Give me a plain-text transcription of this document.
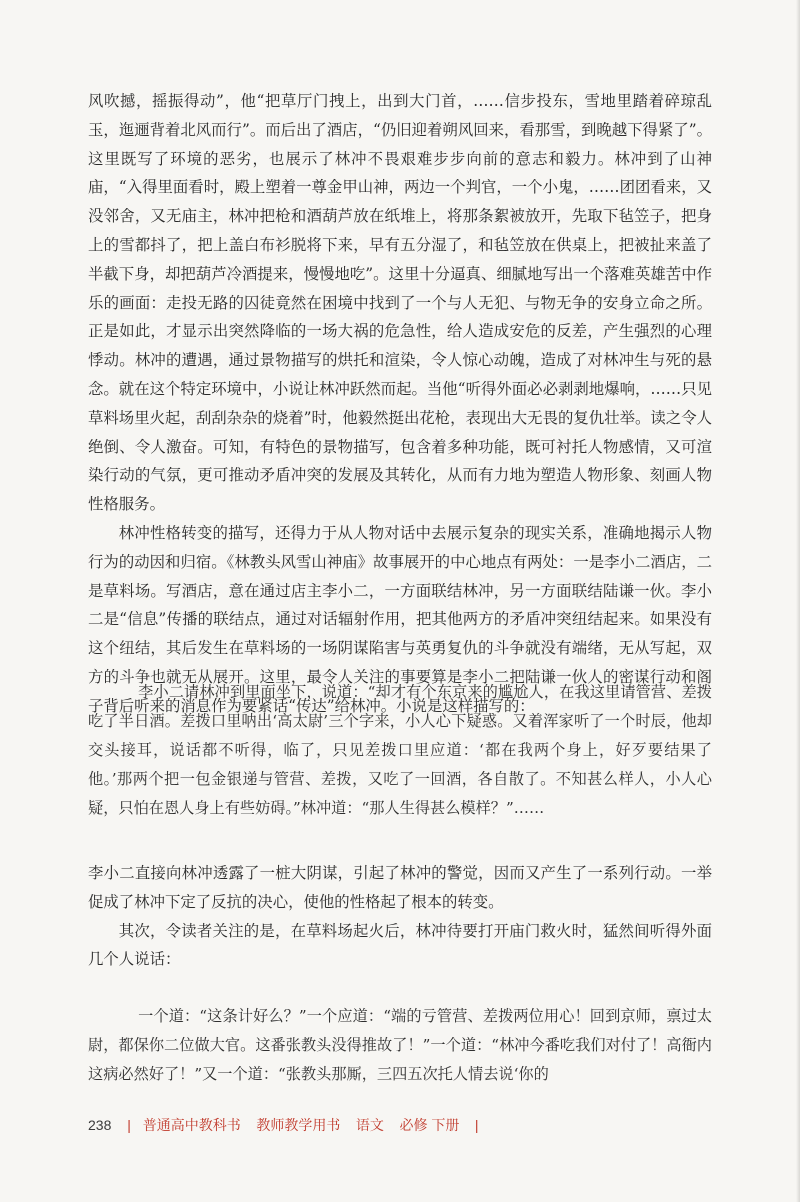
风吹撼，摇振得动”，他“把草厅门拽上，出到大门首，……信步投东，雪地里踏着碎琼乱玉，迤逦背着北风而行”。而后出了酒店，“仍旧迎着朔风回来，看那雪，到晚越下得紧了”。这里既写了环境的恶劣，也展示了林冲不畏艰难步步向前的意志和毅力。林冲到了山神庙，“入得里面看时，殿上塑着一尊金甲山神，两边一个判官，一个小鬼，……团团看来，又没邻舍，又无庙主，林冲把枪和酒葫芦放在纸堆上，将那条絮被放开，先取下毡笠子，把身上的雪都抖了，把上盖白布衫脱将下来，早有五分湿了，和毡笠放在供桌上，把被扯来盖了半截下身，却把葫芦冷酒提来，慢慢地吃”。这里十分逼真、细腻地写出一个落难英雄苦中作乐的画面：走投无路的囚徒竟然在困境中找到了一个与人无犯、与物无争的安身立命之所。正是如此，才显示出突然降临的一场大祸的危急性，给人造成安危的反差，产生强烈的心理悸动。林冲的遭遇，通过景物描写的烘托和渲染，令人惊心动魄，造成了对林冲生与死的悬念。就在这个特定环境中，小说让林冲跃然而起。当他“听得外面必必剥剥地爆响，……只见草料场里火起，刮刮杂杂的烧着”时，他毅然挺出花枪，表现出大无畏的复仇壮举。读之令人绝倒、令人激奋。可知，有特色的景物描写，包含着多种功能，既可衬托人物感情，又可渲染行动的气氛，更可推动矛盾冲突的发展及其转化，从而有力地为塑造人物形象、刻画人物性格服务。

林冲性格转变的描写，还得力于从人物对话中去展示复杂的现实关系，准确地揭示人物行为的动因和归宿。《林教头风雪山神庙》故事展开的中心地点有两处：一是李小二酒店，二是草料场。写酒店，意在通过店主李小二，一方面联结林冲，另一方面联结陆谦一伙。李小二是“信息”传播的联结点，通过对话辐射作用，把其他两方的矛盾冲突纽结起来。如果没有这个纽结，其后发生在草料场的一场阴谋陷害与英勇复仇的斗争就没有端绪，无从写起，双方的斗争也就无从展开。这里，最令人关注的事要算是李小二把陆谦一伙人的密谋行动和阁子背后听来的消息作为要紧话“传达”给林冲。小说是这样描写的：

李小二请林冲到里面坐下，说道：“却才有个东京来的尴尬人，在我这里请管营、差拨吃了半日酒。差拨口里呐出‘高太尉’三个字来，小人心下疑惑。又着浑家听了一个时辰，他却交头接耳，说话都不听得，临了，只见差拨口里应道：‘都在我两个身上，好歹要结果了他。’那两个把一包金银递与管营、差拨，又吃了一回酒，各自散了。不知甚么样人，小人心疑，只怕在恩人身上有些妨碍。”林冲道：“那人生得甚么模样？”……

李小二直接向林冲透露了一桩大阴谋，引起了林冲的警觉，因而又产生了一系列行动。一举促成了林冲下定了反抗的决心，使他的性格起了根本的转变。

其次，令读者关注的是，在草料场起火后，林冲待要打开庙门救火时，猛然间听得外面几个人说话：

一个道：“这条计好么？”一个应道：“端的亏管营、差拨两位用心！回到京师，禀过太尉，都保你二位做大官。这番张教头没得推故了！”一个道：“林冲今番吃我们对付了！高衙内这病必然好了！”又一个道：“张教头那厮，三四五次托人情去说‘你的

238 | 普通高中教科书 教师教学用书 语文 必修 下册 |
